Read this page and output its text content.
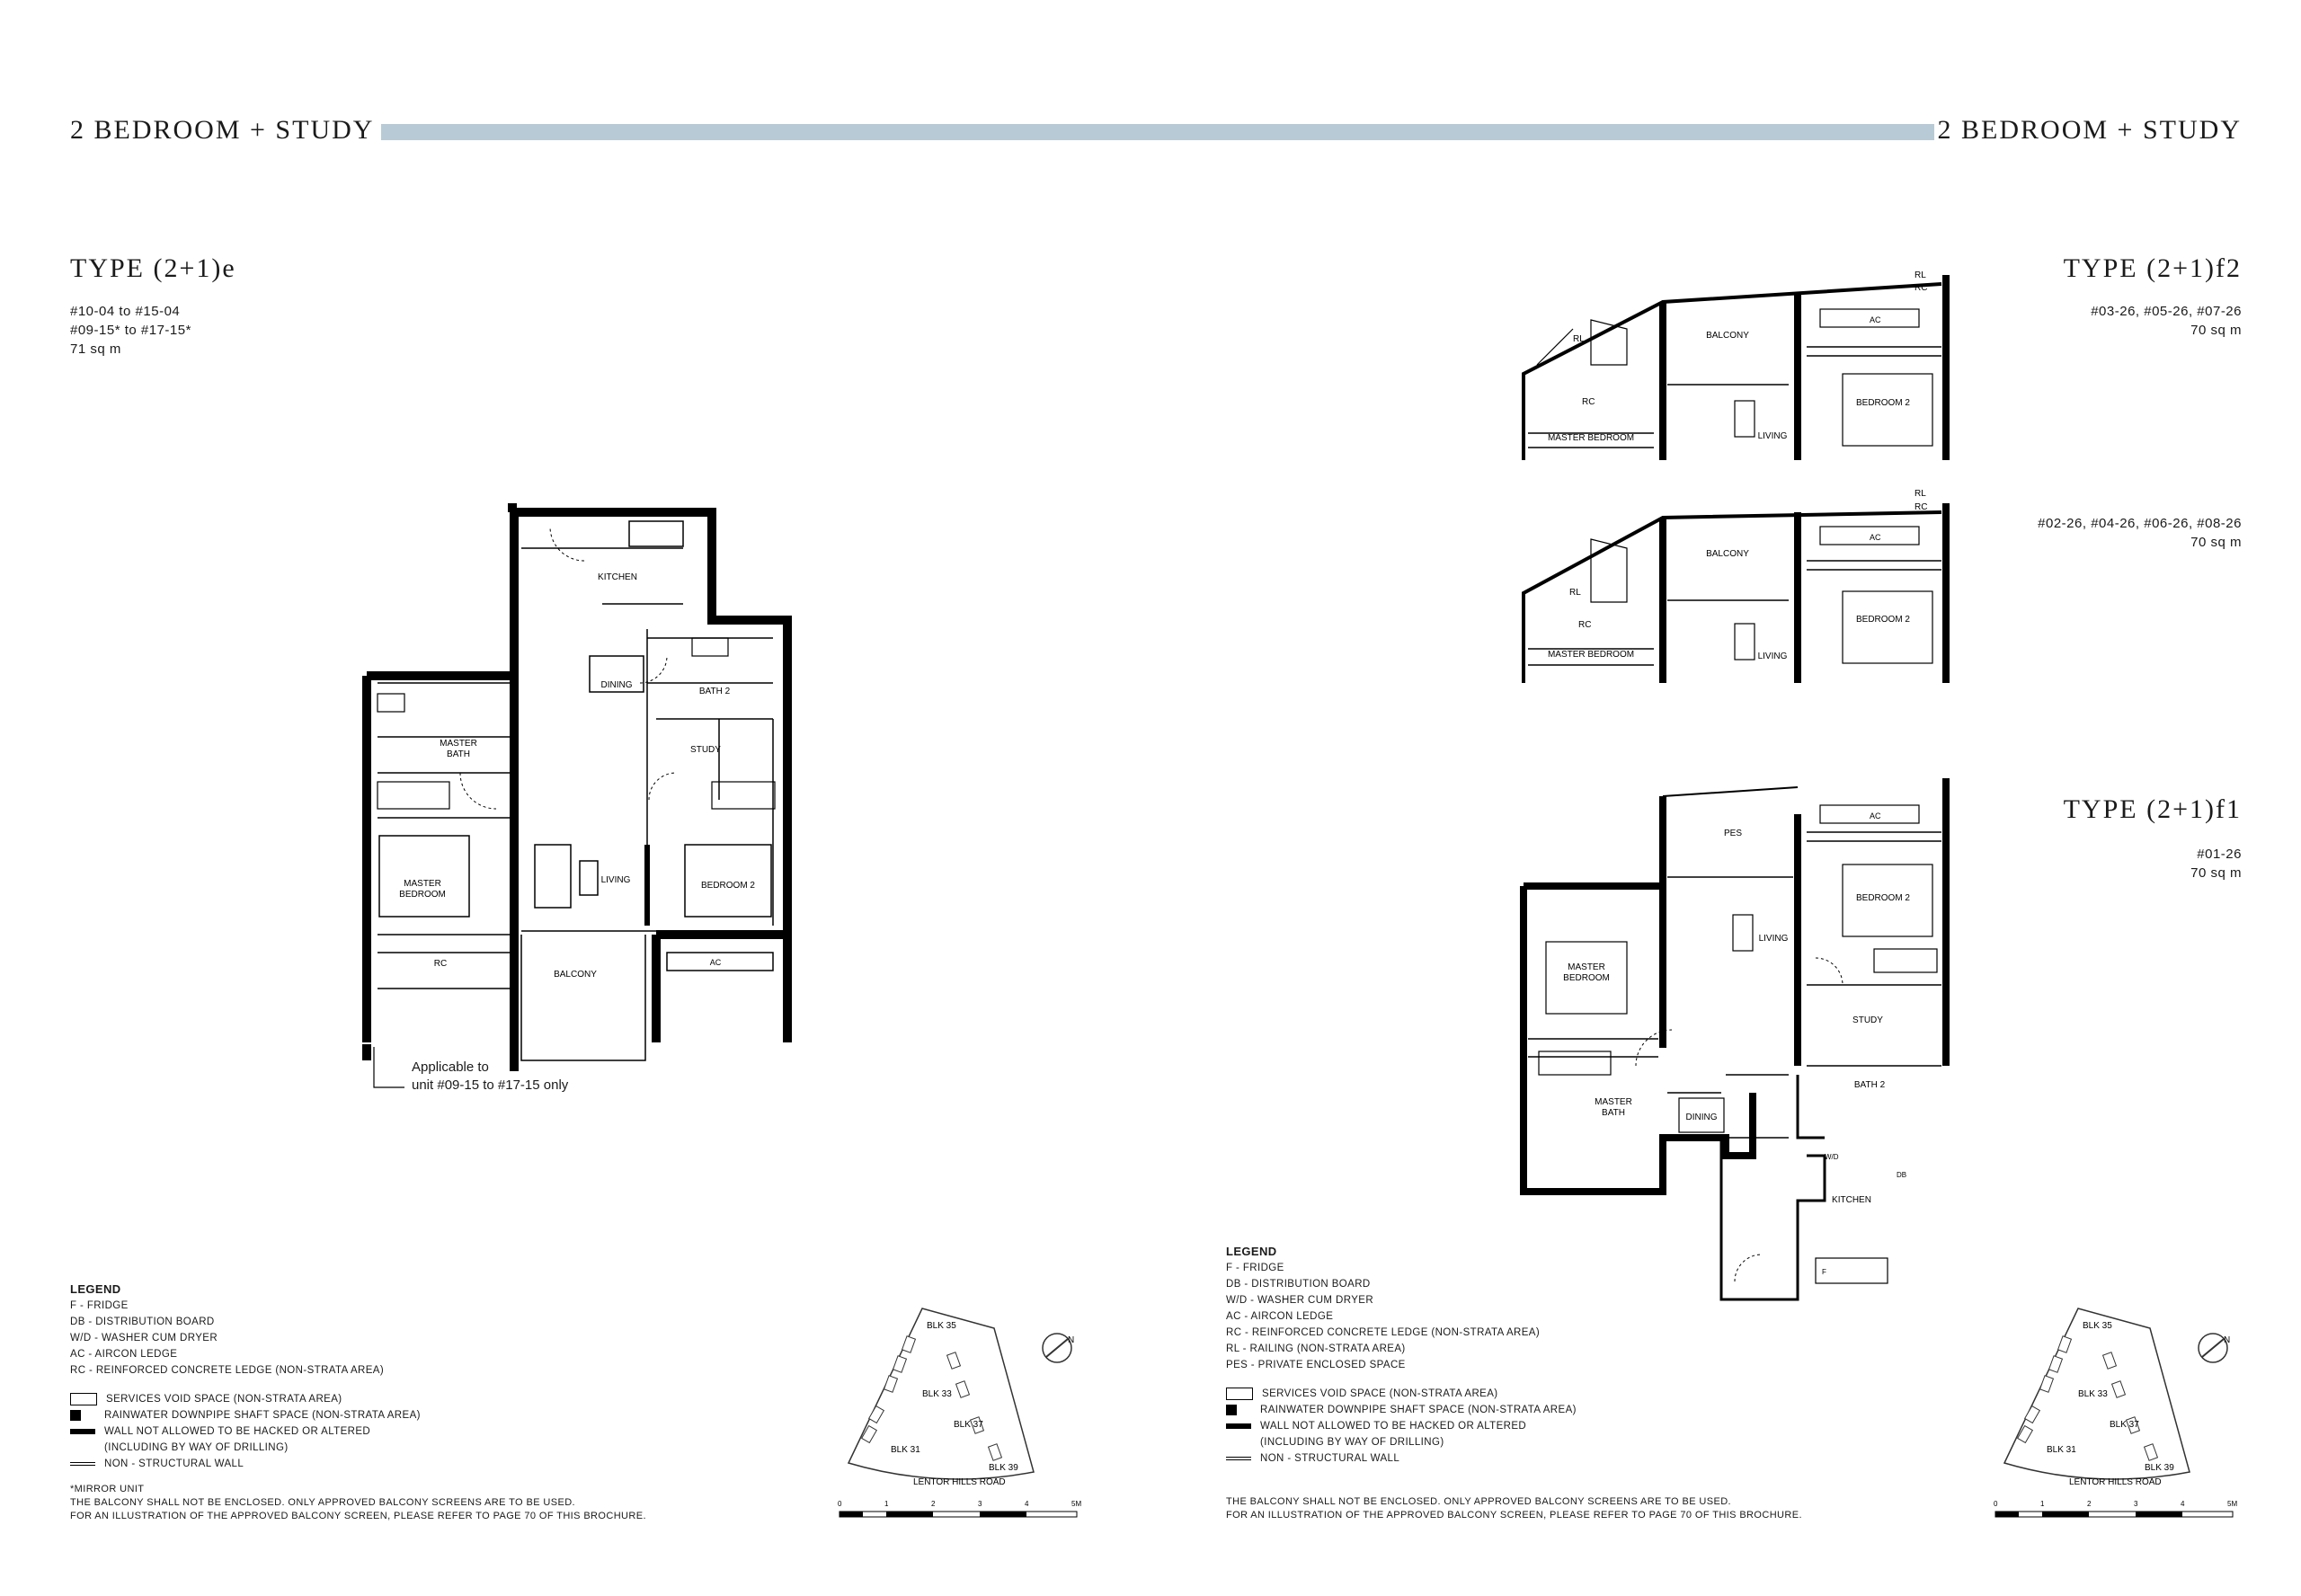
2 BEDROOM + STUDY	2 BEDROOM + STUDY
TYPE (2+1)e
#10-04 to #15-04
#09-15* to #17-15*
71 sq m
KITCHEN
DINING
BATH 2
STUDY
MASTER
BATH
MASTER
BEDROOM
LIVING
BEDROOM 2
RC
BALCONY
AC
Applicable to
unit #09-15 to #17-15 only
TYPE (2+1)f2
#03-26, #05-26, #07-26
70 sq m
#02-26, #04-26, #06-26, #08-26
70 sq m
RL
RC
RL
RC
BALCONY
AC
MASTER BEDROOM	LIVING
BEDROOM 2
RL
RC
RL
RC
BALCONY
AC
MASTER BEDROOM	LIVING
BEDROOM 2
TYPE (2+1)f1
#01-26
70 sq m
PES
AC
LIVING
BEDROOM 2
MASTER
BEDROOM
STUDY
BATH 2
MASTER
BATH	DINING
KITCHEN
W/D
DB
F
LEGEND
F - FRIDGE
DB - DISTRIBUTION BOARD
W/D - WASHER CUM DRYER
AC - AIRCON LEDGE
RC - REINFORCED CONCRETE LEDGE (NON-STRATA AREA)
SERVICES VOID SPACE (NON-STRATA AREA)
RAINWATER DOWNPIPE SHAFT SPACE (NON-STRATA AREA)
WALL NOT ALLOWED TO BE HACKED OR ALTERED
(INCLUDING BY WAY OF DRILLING)
NON - STRUCTURAL WALL
*MIRROR UNIT
THE BALCONY SHALL NOT BE ENCLOSED. ONLY APPROVED BALCONY SCREENS ARE TO BE USED.
FOR AN ILLUSTRATION OF THE APPROVED BALCONY SCREEN, PLEASE REFER TO PAGE 70 OF THIS BROCHURE.
LEGEND
F - FRIDGE
DB - DISTRIBUTION BOARD
W/D - WASHER CUM DRYER
AC - AIRCON LEDGE
RC - REINFORCED CONCRETE LEDGE (NON-STRATA AREA)
RL - RAILING (NON-STRATA AREA)
PES - PRIVATE ENCLOSED SPACE
SERVICES VOID SPACE (NON-STRATA AREA)
RAINWATER DOWNPIPE SHAFT SPACE (NON-STRATA AREA)
WALL NOT ALLOWED TO BE HACKED OR ALTERED
(INCLUDING BY WAY OF DRILLING)
NON - STRUCTURAL WALL
THE BALCONY SHALL NOT BE ENCLOSED. ONLY APPROVED BALCONY SCREENS ARE TO BE USED.
FOR AN ILLUSTRATION OF THE APPROVED BALCONY SCREEN, PLEASE REFER TO PAGE 70 OF THIS BROCHURE.
BLK 35
BLK 33
BLK 37
BLK 31
BLK 39
LENTOR HILLS ROAD
N
0	1	2	3	4	5M
BLK 35
BLK 33
BLK 37
BLK 31
BLK 39
LENTOR HILLS ROAD
N
0	1	2	3	4	5M
